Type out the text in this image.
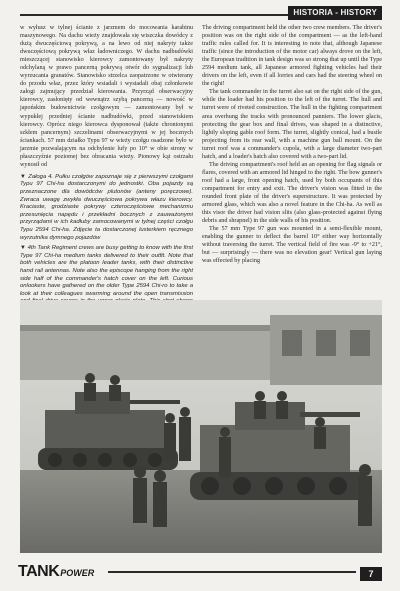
HISTORIA - HISTORY

w wyłusz w tylnej ścianie z jarzmem do mocowania karabinu maszynowego. Na dachu wieży znajdowała się wiszczka dowódcy z dużą dwuczęściową pokrywą, a na lewo od niej nakryty także dwuczęściową pokrywą właz ładowniczego. W dachu nadbudówki mieszczącej stanowisko kierowcy zamontowany był nakryty odchylaną w prawo pancerną pokrywą otwór do sygnalizacji lub wyrzucania granatów. Stanowisko strzelca zaopatrzone w otwierany do przodu właz, przez który wsiadali i wysiadali obaj członkowie załogi zajmujący przedział kierowania. Przyrząd obserwacyjny kierowcy, zasłonięty od wewnątrz szybą pancerną — nowość w japońskim budownictwie czołgowym — zamontowany był w wypukłej przedniej ścianie nadbudówki, przed stanowiskiem kierowcy. Oprócz niego kierowca dysponował (także chronionymi szkłem pancernym) szczelinami obserwacyjnymi w jej bocznych ściankach. 57 mm działko Typu 97 w wieży czołgu osadzone było w jarzmie pozwalającym na odchylenie lufy po 10° w obie strony w płaszczyźnie poziomej bez obracania wieży. Pionowy kąt ostrzału wynosił od

▼ Załoga 4. Pułku czołgów zapoznaje się z pierwszymi czołgami Typu 97 Chi-ha dostarczonymi do jednostki. Oba pojazdy są przeznaczone dla dowódców plutonów (anteny poręczowe). Zwraca uwagę zwykła dwuczęściowa pokrywa włazu kierowcy. Kraciaste, grodziaste pokrywy czteroczęściowe mechanizmu przesunięcia napędu i przekładni bocznych z zauważonymi przyrządami w ich kadłuby zamocowanymi w tylnej części czołgu Typu 2594 Chi-ha. Zdjęcie ta dostarczonej lusterkiem ręcznego wyrzutnika dymnego pojazdów

▼ 4th Tank Regiment crews are busy getting to know with the first Type 97 Chi-ha medium tanks delivered to their outfit. Note that both vehicles are the platoon leader tanks, with their distinctive hand rail antennas. Note also the episcope hanging from the right side half of the commander's hatch cover on the left. Curious onlookers have gathered on the older Type 2594 Chi-ro to take a look at their colleagues swarming around the open transmission

The driving compartment held the other two crew members. The driver's position was on the right side of the compartment — as the left-hand traffic rules called for. It is interesting to note that, although Japanese traffic (since the introduction of the motor car) always drove on the left, the European tradition in tank design was so strong that up until the Type 2594 medium tank, all Japanese armored fighting vehicles had their drivers on the left, even if all lorries and cars had the steering wheel on the right!

The tank commander in the turret also sat on the right side of the gun, while the loader had his position to the left of the turret. The hull and turret were of riveted construction. The hull in the fighting compartment area overhung the tracks with pronounced panniers. The lower glacis, protecting the gear box and final drives, was shaped in a distinctive, lightly sloping gable roof form. The turret, slightly conical, had a bustle projecting from its rear wall, with a machine gun ball mount. On the turret roof was a commander's cupola, with a large diameter two-part hatch, and a loader's hatch also covered with a two-part lid.

The driving compartment's roof held an an opening for flag signals or flares, covered with an armored lid hinged to the right. The bow gunner's roof had a large, front opening hatch, used by both occupants of this compartment for entry and exit. The driver's vision was fitted in the rounded front plate of the driver's superstructure. It was protected by armored glass, which was also a novel feature in the Chi-ha. As well as this visor the driver had vision slits (also glass-protected against flying debris and shrapnel) in the side walls of his position.

The 57 mm Type 97 gun was mounted in a semi-flexible mount, enabling the gunner to deflect the barrel 10° either way horizontally without traversing the turret. The vertical field of fire was -9° to +21°, but — surprisingly — there was no elevation gear! Vertical gun laying was effected by placing

TANKPOWER	7
